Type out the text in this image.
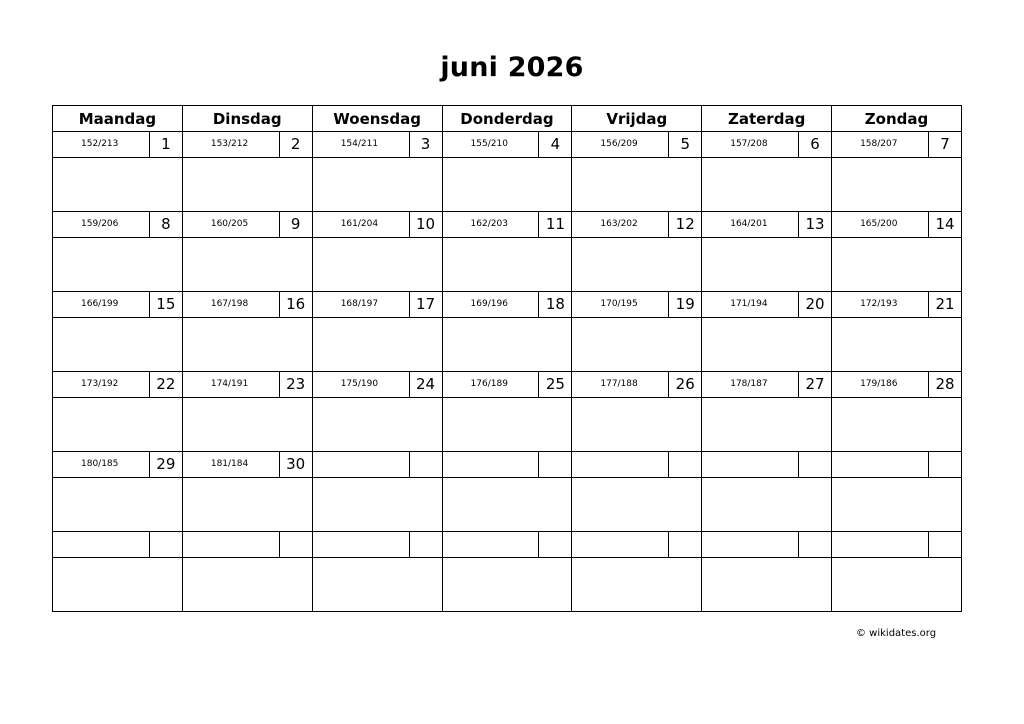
juni 2026
Maandag	Dinsdag	Woensdag	Donderdag	Vrijdag	Zaterdag	Zondag

152/213 1	153/212 2	154/211 3	155/210 4	156/209 5	157/208 6	158/207 7

159/206 8	160/205 9	161/204 10	162/203 11	163/202 12	164/201 13	165/200 14

166/199 15	167/198 16	168/197 17	169/196 18	170/195 19	171/194 20	172/193 21

173/192 22	174/191 23	175/190 24	176/189 25	177/188 26	178/187 27	179/186 28

180/185 29	181/184 30					

© wikidates.org
